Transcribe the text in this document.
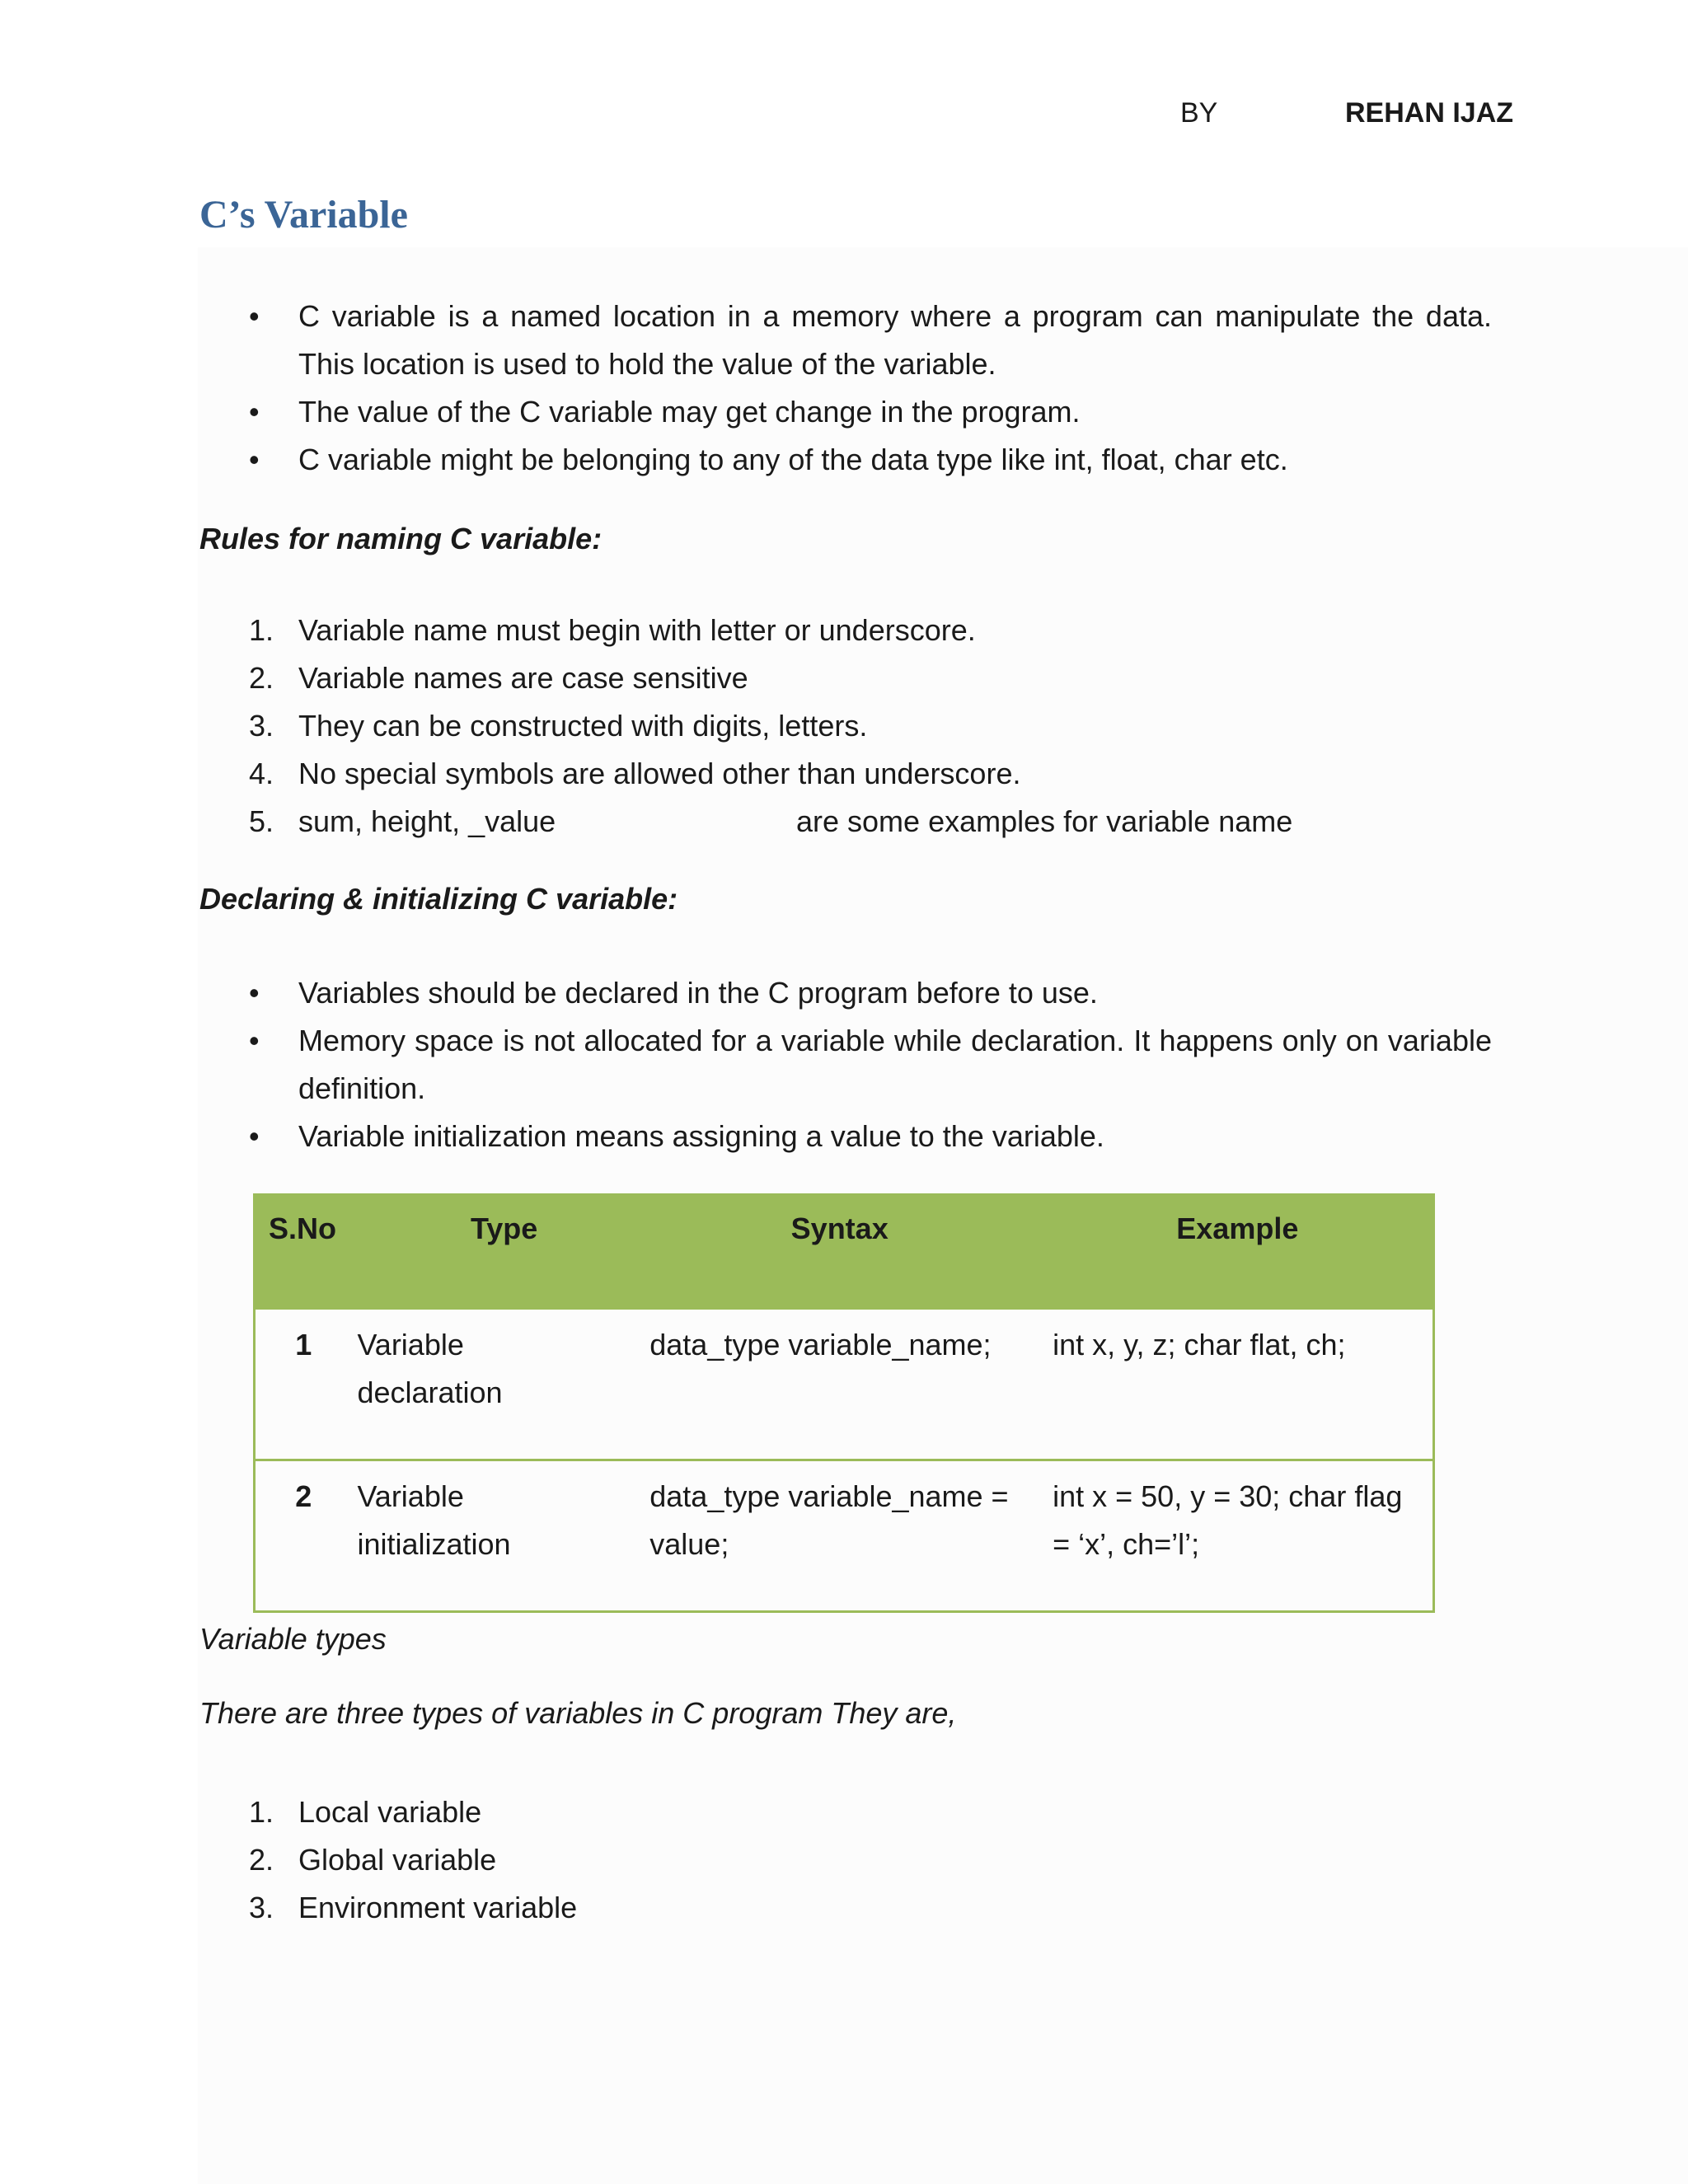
BY	REHAN IJAZ
C’s Variable
• C variable is a named location in a memory where a program can manipulate the data. This location is used to hold the value of the variable.
• The value of the C variable may get change in the program.
• C variable might be belonging to any of the data type like int, float, char etc.
Rules for naming C variable:
1. Variable name must begin with letter or underscore.
2. Variable names are case sensitive
3. They can be constructed with digits, letters.
4. No special symbols are allowed other than underscore.
5. sum, height, _value	are some examples for variable name
Declaring & initializing C variable:
• Variables should be declared in the C program before to use.
• Memory space is not allocated for a variable while declaration. It happens only on variable definition.
• Variable initialization means assigning a value to the variable.
S.No	Type	Syntax	Example
1	Variable declaration	data_type variable_name;	int x, y, z; char flat, ch;
2	Variable initialization	data_type variable_name = value;	int x = 50, y = 30; char flag = ‘x’, ch=’l’;
Variable types
There are three types of variables in C program They are,
1. Local variable
2. Global variable
3. Environment variable
